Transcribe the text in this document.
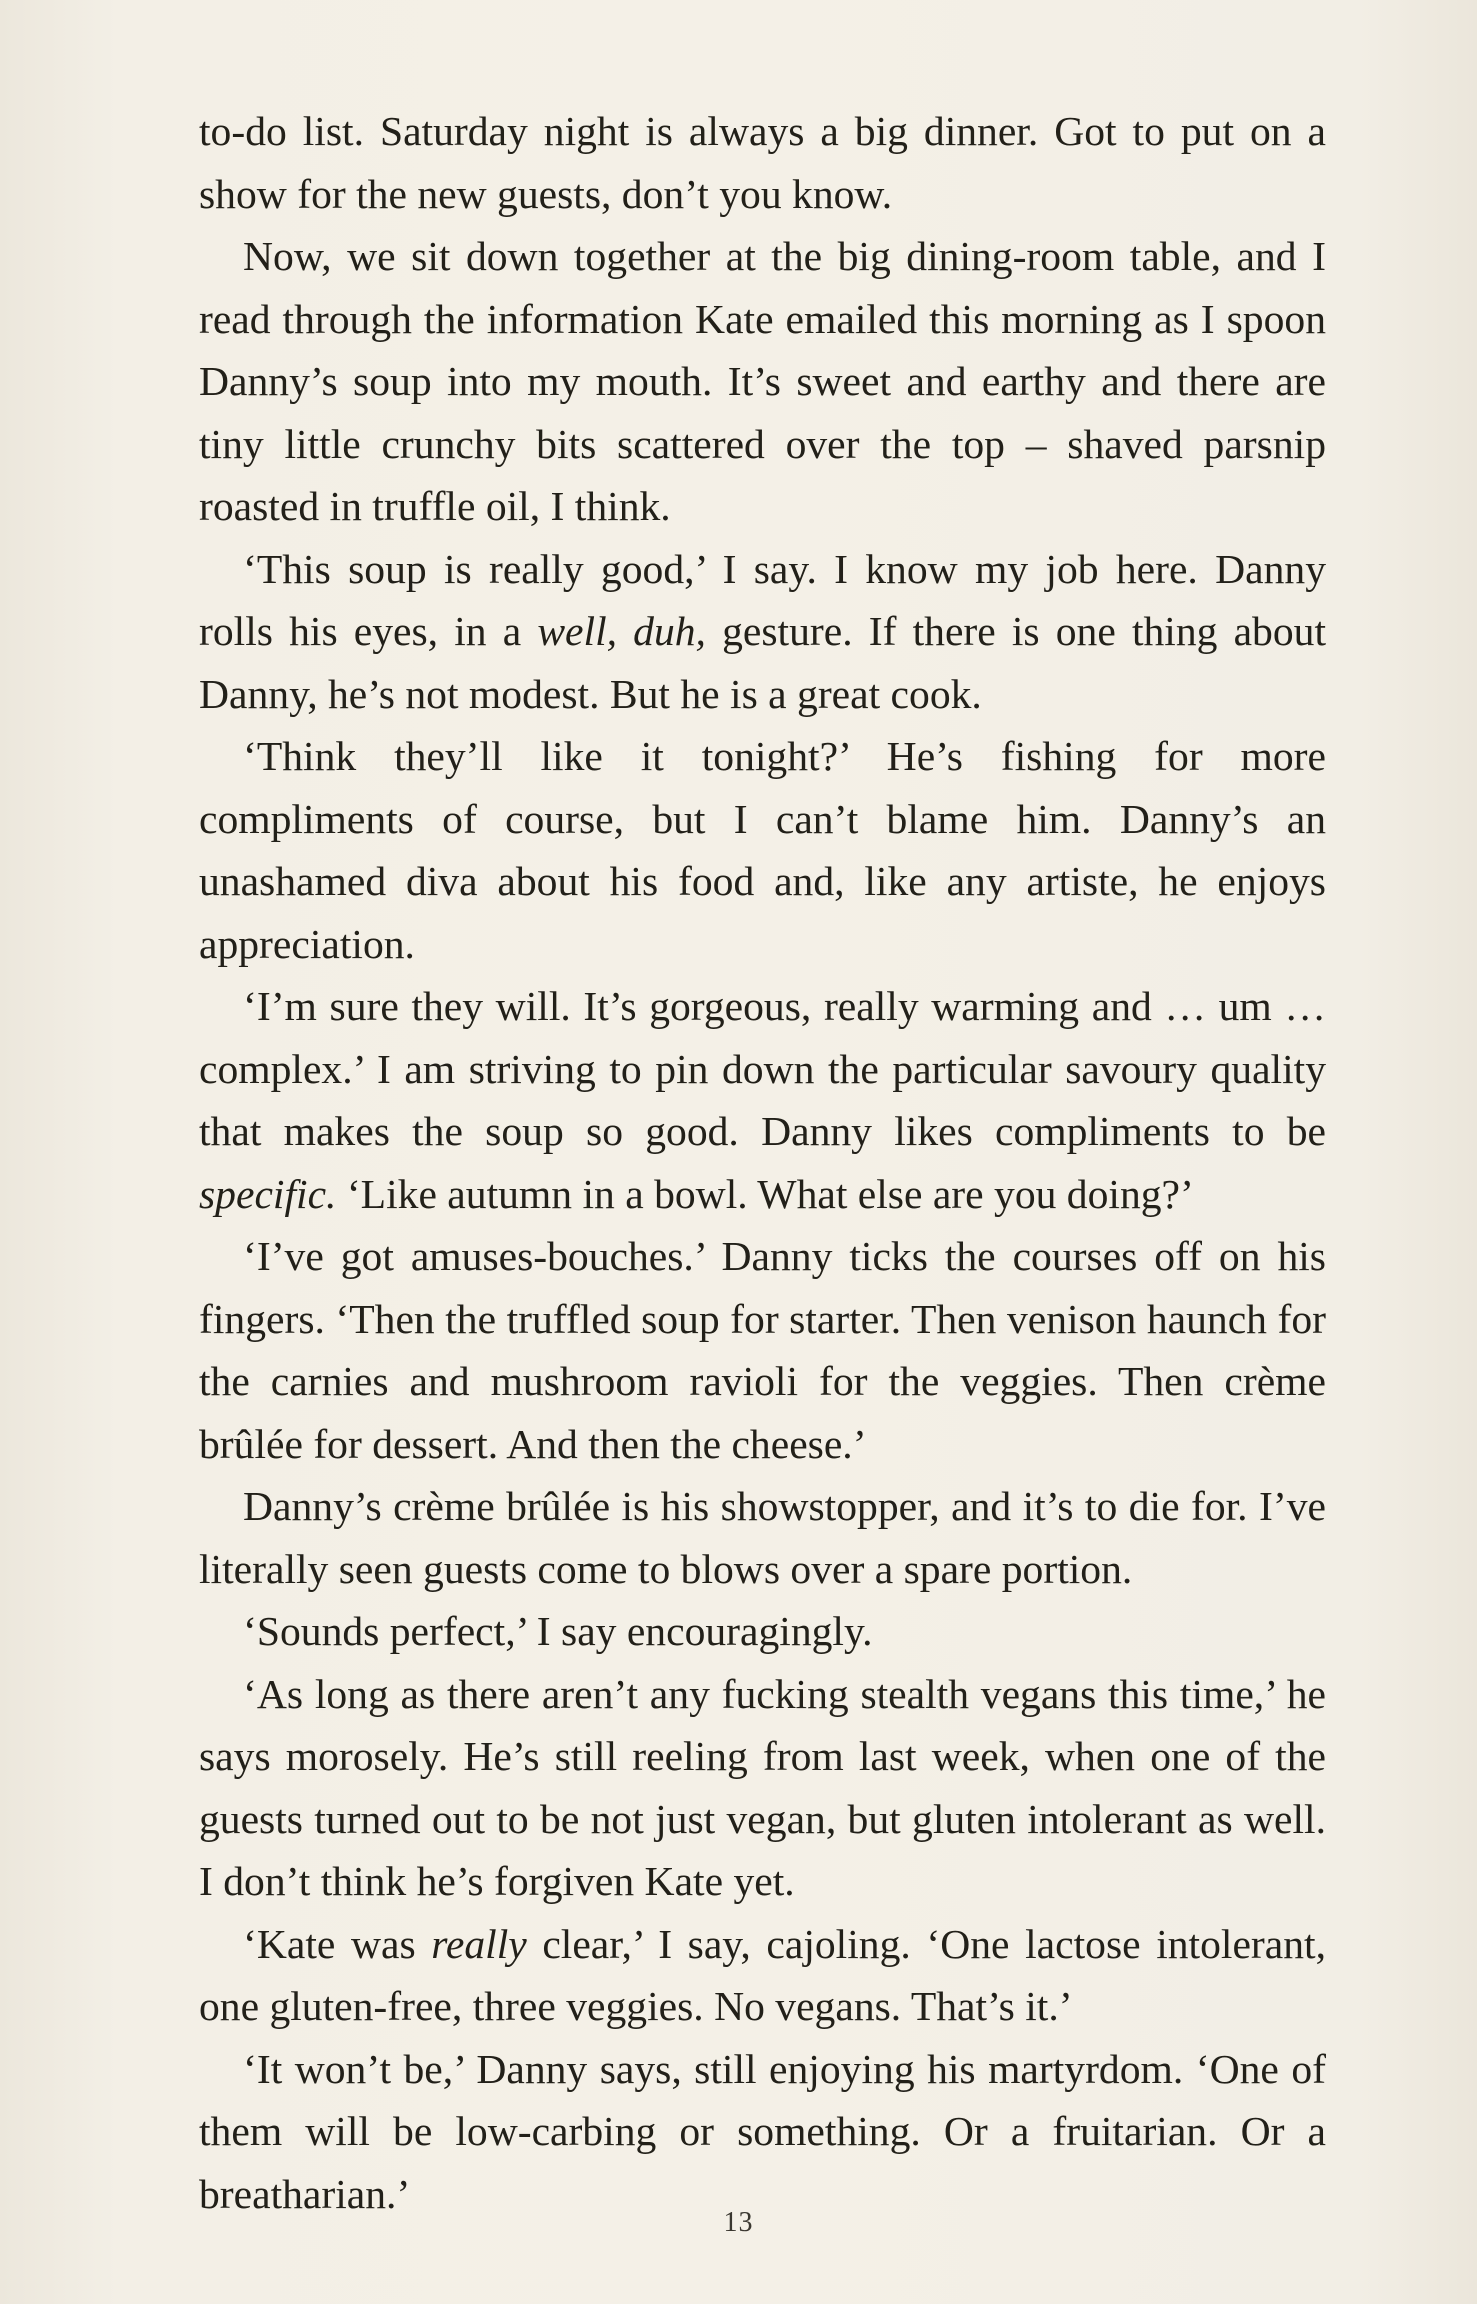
to-do list. Saturday night is always a big dinner. Got to put on a show for the new guests, don’t you know.

Now, we sit down together at the big dining-room table, and I read through the information Kate emailed this morning as I spoon Danny’s soup into my mouth. It’s sweet and earthy and there are tiny little crunchy bits scattered over the top – shaved parsnip roasted in truffle oil, I think.

‘This soup is really good,’ I say. I know my job here. Danny rolls his eyes, in a well, duh, gesture. If there is one thing about Danny, he’s not modest. But he is a great cook.

‘Think they’ll like it tonight?’ He’s fishing for more compliments of course, but I can’t blame him. Danny’s an unashamed diva about his food and, like any artiste, he enjoys appreciation.

‘I’m sure they will. It’s gorgeous, really warming and … um … complex.’ I am striving to pin down the particular savoury quality that makes the soup so good. Danny likes compliments to be specific. ‘Like autumn in a bowl. What else are you doing?’

‘I’ve got amuses-bouches.’ Danny ticks the courses off on his fingers. ‘Then the truffled soup for starter. Then venison haunch for the carnies and mushroom ravioli for the veggies. Then crème brûlée for dessert. And then the cheese.’

Danny’s crème brûlée is his showstopper, and it’s to die for. I’ve literally seen guests come to blows over a spare portion.

‘Sounds perfect,’ I say encouragingly.

‘As long as there aren’t any fucking stealth vegans this time,’ he says morosely. He’s still reeling from last week, when one of the guests turned out to be not just vegan, but gluten intolerant as well. I don’t think he’s forgiven Kate yet.

‘Kate was really clear,’ I say, cajoling. ‘One lactose intolerant, one gluten-free, three veggies. No vegans. That’s it.’

‘It won’t be,’ Danny says, still enjoying his martyrdom. ‘One of them will be low-carbing or something. Or a fruitarian. Or a breatharian.’

13
